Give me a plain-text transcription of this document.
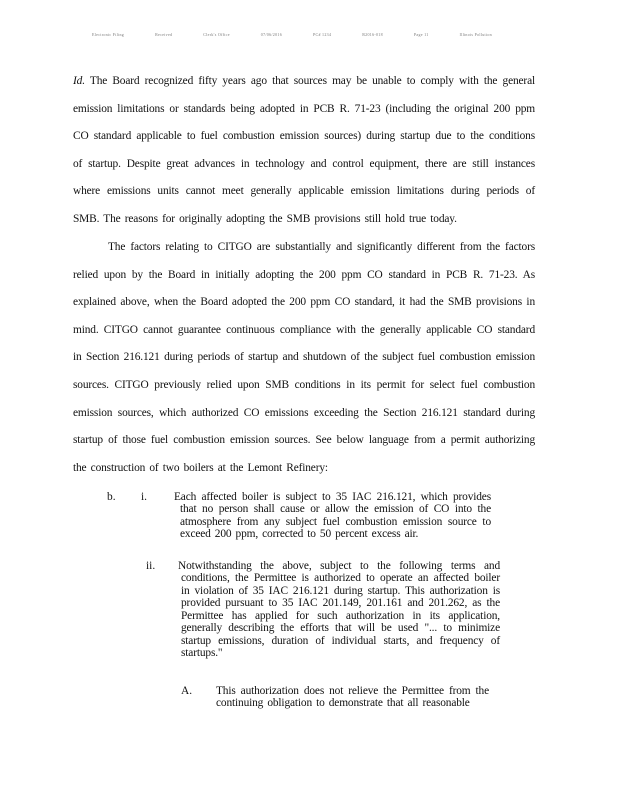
Electronic Filing	Received	Clerk's Office	07/06/2016	PC# 1234	R2016-018	Page 11	Illinois Pollution
Id. The Board recognized fifty years ago that sources may be unable to comply with the general emission limitations or standards being adopted in PCB R. 71-23 (including the original 200 ppm CO standard applicable to fuel combustion emission sources) during startup due to the conditions of startup. Despite great advances in technology and control equipment, there are still instances where emissions units cannot meet generally applicable emission limitations during periods of SMB. The reasons for originally adopting the SMB provisions still hold true today.
The factors relating to CITGO are substantially and significantly different from the factors relied upon by the Board in initially adopting the 200 ppm CO standard in PCB R. 71-23. As explained above, when the Board adopted the 200 ppm CO standard, it had the SMB provisions in mind. CITGO cannot guarantee continuous compliance with the generally applicable CO standard in Section 216.121 during periods of startup and shutdown of the subject fuel combustion emission sources. CITGO previously relied upon SMB conditions in its permit for select fuel combustion emission sources, which authorized CO emissions exceeding the Section 216.121 standard during startup of those fuel combustion emission sources. See below language from a permit authorizing the construction of two boilers at the Lemont Refinery:
b. i. Each affected boiler is subject to 35 IAC 216.121, which provides that no person shall cause or allow the emission of CO into the atmosphere from any subject fuel combustion emission source to exceed 200 ppm, corrected to 50 percent excess air.
ii. Notwithstanding the above, subject to the following terms and conditions, the Permittee is authorized to operate an affected boiler in violation of 35 IAC 216.121 during startup. This authorization is provided pursuant to 35 IAC 201.149, 201.161 and 201.262, as the Permittee has applied for such authorization in its application, generally describing the efforts that will be used "... to minimize startup emissions, duration of individual starts, and frequency of startups."
A. This authorization does not relieve the Permittee from the continuing obligation to demonstrate that all reasonable
